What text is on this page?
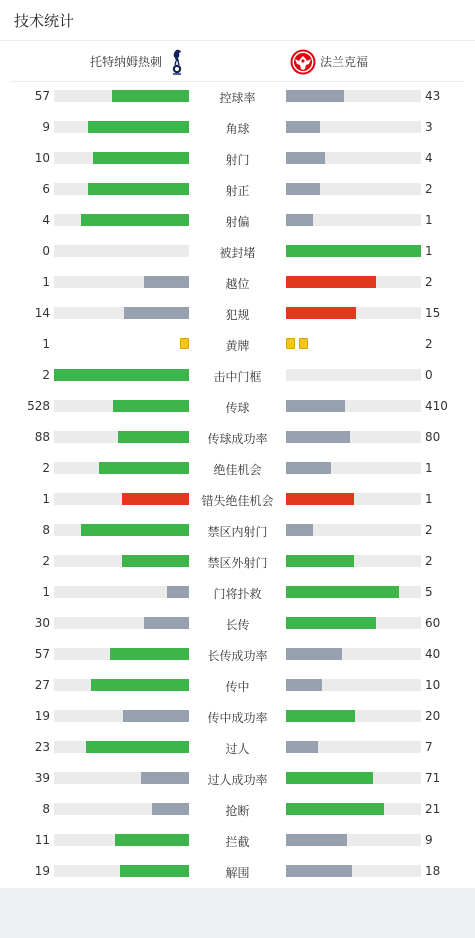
技术统计
托特纳姆热刺	法兰克福
57	控球率	43
9	角球	3
10	射门	4
6	射正	2
4	射偏	1
0	被封堵	1
1	越位	2
14	犯规	15
1	黄牌	2
2	击中门框	0
528	传球	410
88	传球成功率	80
2	绝佳机会	1
1	错失绝佳机会	1
8	禁区内射门	2
2	禁区外射门	2
1	门将扑救	5
30	长传	60
57	长传成功率	40
27	传中	10
19	传中成功率	20
23	过人	7
39	过人成功率	71
8	抢断	21
11	拦截	9
19	解围	18
